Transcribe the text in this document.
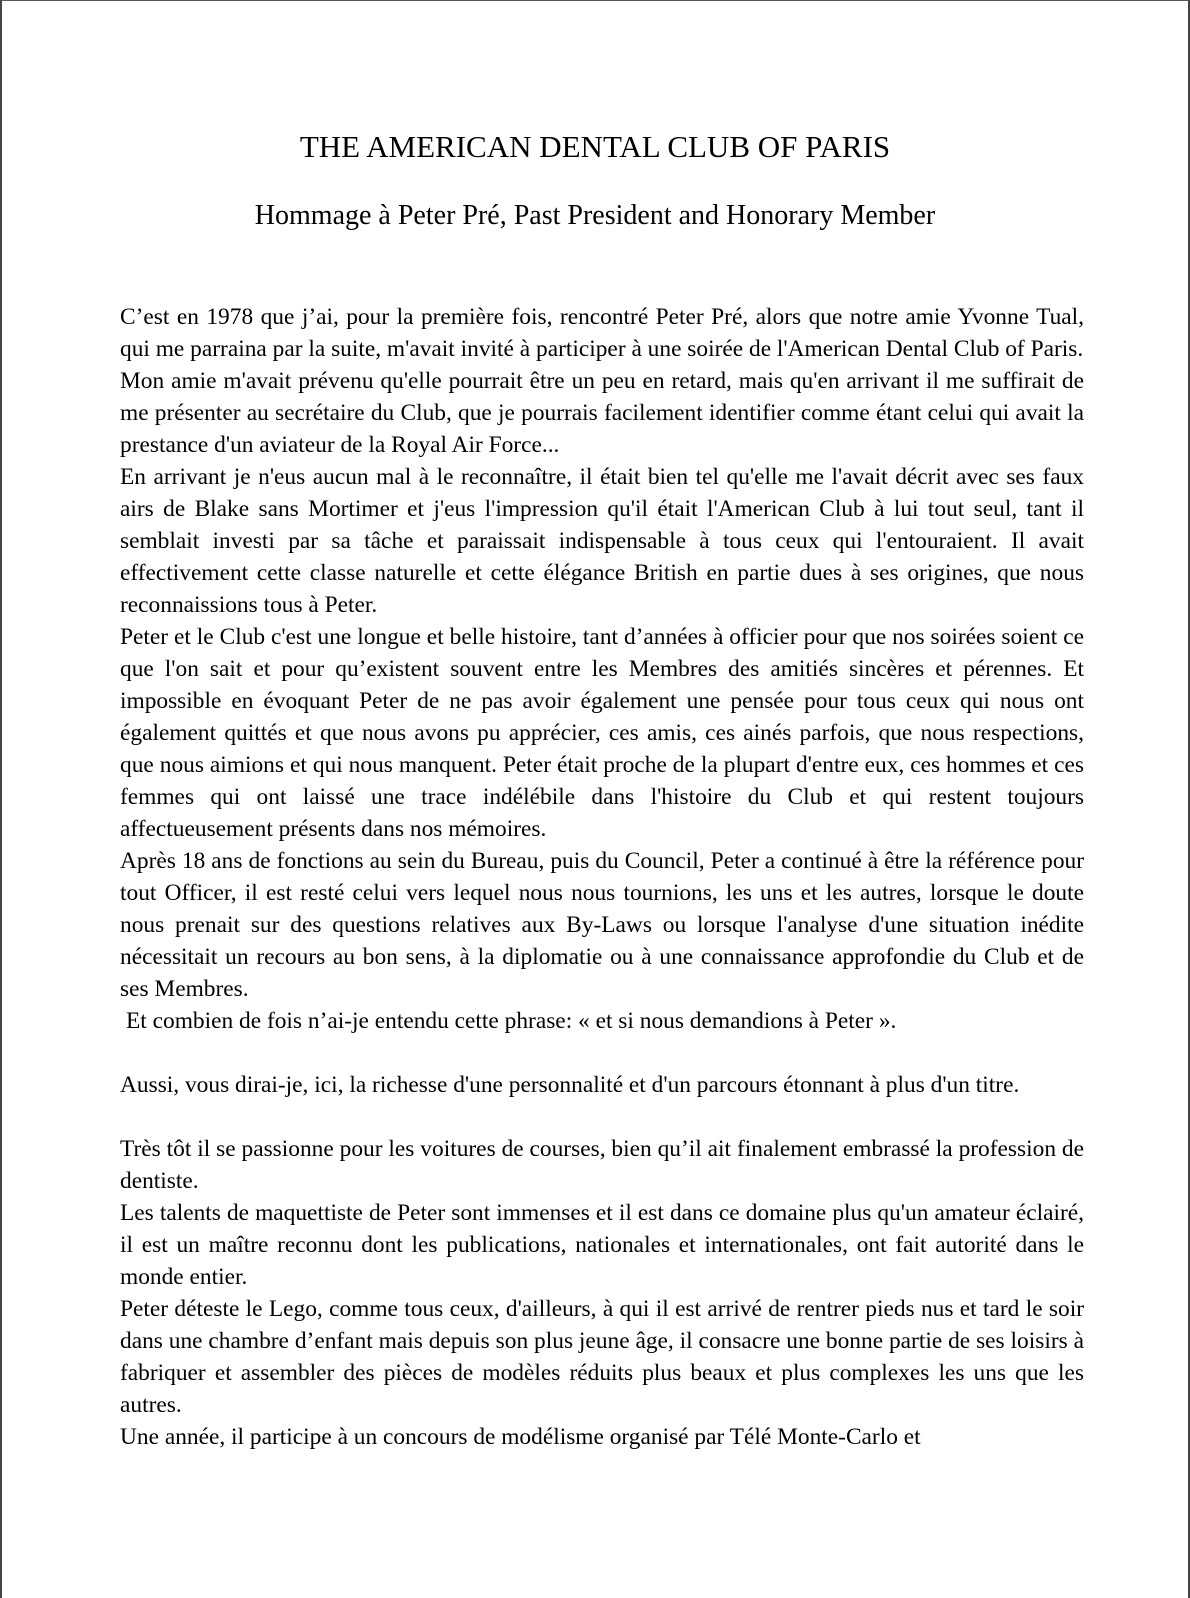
THE AMERICAN DENTAL CLUB OF PARIS
Hommage à Peter Pré, Past President and Honorary Member

C’est en 1978 que j’ai, pour la première fois, rencontré Peter Pré, alors que notre amie Yvonne Tual, qui me parraina par la suite, m'avait invité à participer à une soirée de l'American Dental Club of Paris.

Mon amie m'avait prévenu qu'elle pourrait être un peu en retard, mais qu'en arrivant il me suffirait de me présenter au secrétaire du Club, que je pourrais facilement identifier comme étant celui qui avait la prestance d'un aviateur de la Royal Air Force...

En arrivant je n'eus aucun mal à le reconnaître, il était bien tel qu'elle me l'avait décrit avec ses faux airs de Blake sans Mortimer et j'eus l'impression qu'il était l'American Club à lui tout seul, tant il semblait investi par sa tâche et paraissait indispensable à tous ceux qui l'entouraient. Il avait effectivement cette classe naturelle et cette élégance British en partie dues à ses origines, que nous reconnaissions tous à Peter.

Peter et le Club c'est une longue et belle histoire, tant d’années à officier pour que nos soirées soient ce que l'on sait et pour qu’existent souvent entre les Membres des amitiés sincères et pérennes. Et impossible en évoquant Peter de ne pas avoir également une pensée pour tous ceux qui nous ont également quittés et que nous avons pu apprécier, ces amis, ces ainés parfois, que nous respections, que nous aimions et qui nous manquent. Peter était proche de la plupart d'entre eux, ces hommes et ces femmes qui ont laissé une trace indélébile dans l'histoire du Club et qui restent toujours affectueusement présents dans nos mémoires.

Après 18 ans de fonctions au sein du Bureau, puis du Council, Peter a continué à être la référence pour tout Officer, il est resté celui vers lequel nous nous tournions, les uns et les autres, lorsque le doute nous prenait sur des questions relatives aux By-Laws ou lorsque l'analyse d'une situation inédite nécessitait un recours au bon sens, à la diplomatie ou à une connaissance approfondie du Club et de ses Membres.

Et combien de fois n’ai-je entendu cette phrase: « et si nous demandions à Peter ».

Aussi, vous dirai-je, ici, la richesse d'une personnalité et d'un parcours étonnant à plus d'un titre.

Très tôt il se passionne pour les voitures de courses, bien qu’il ait finalement embrassé la profession de dentiste.

Les talents de maquettiste de Peter sont immenses et il est dans ce domaine plus qu'un amateur éclairé, il est un maître reconnu dont les publications, nationales et internationales, ont fait autorité dans le monde entier.

Peter déteste le Lego, comme tous ceux, d'ailleurs, à qui il est arrivé de rentrer pieds nus et tard le soir dans une chambre d’enfant mais depuis son plus jeune âge, il consacre une bonne partie de ses loisirs à fabriquer et assembler des pièces de modèles réduits plus beaux et plus complexes les uns que les autres.

Une année, il participe à un concours de modélisme organisé par Télé Monte-Carlo et
